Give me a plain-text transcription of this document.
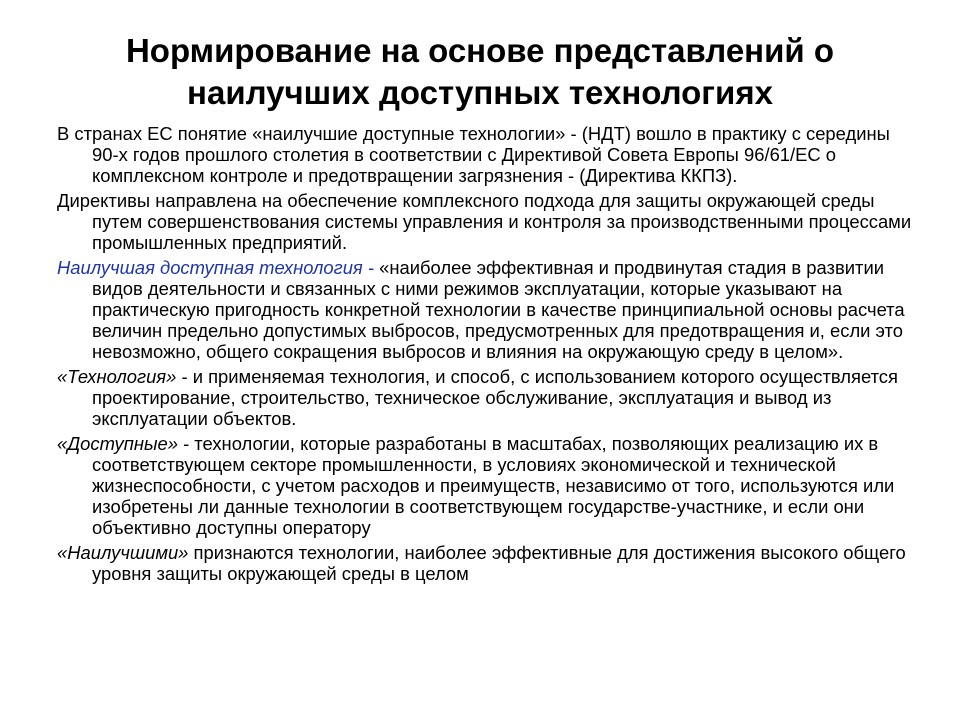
Нормирование на основе представлений о
наилучших доступных технологиях

В странах ЕС понятие «наилучшие доступные технологии» - (НДТ) вошло в практику с середины 90-х годов прошлого столетия в соответствии с Директивой Совета Европы 96/61/ЕС о комплексном контроле и предотвращении загрязнения - (Директива ККПЗ).

Директивы направлена на обеспечение комплексного подхода для защиты окружающей среды путем совершенствования системы управления и контроля за производственными процессами промышленных предприятий.

Наилучшая доступная технология - «наиболее эффективная и продвинутая стадия в развитии видов деятельности и связанных с ними режимов эксплуатации, которые указывают на практическую пригодность конкретной технологии в качестве принципиальной основы расчета величин предельно допустимых выбросов, предусмотренных для предотвращения и, если это невозможно, общего сокращения выбросов и влияния на окружающую среду в целом».

«Технология» - и применяемая технология, и способ, с использованием которого осуществляется проектирование, строительство, техническое обслуживание, эксплуатация и вывод из эксплуатации объектов.

«Доступные» - технологии, которые разработаны в масштабах, позволяющих реализацию их в соответствующем секторе промышленности, в условиях экономической и технической жизнеспособности, с учетом расходов и преимуществ, независимо от того, используются или изобретены ли данные технологии в соответствующем государстве-участнике, и если они объективно доступны оператору

«Наилучшими» признаются технологии, наиболее эффективные для достижения высокого общего уровня защиты окружающей среды в целом
